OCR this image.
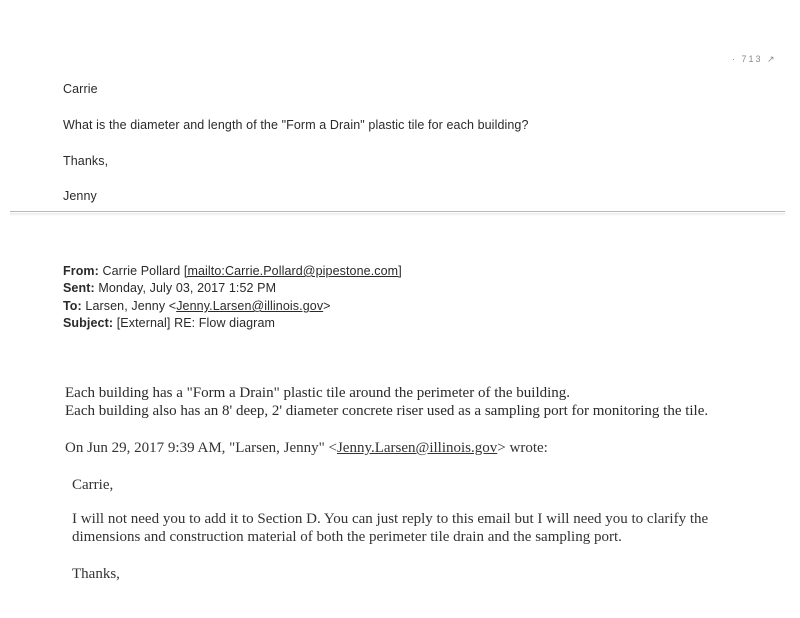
· 713 ↗
Carrie
What is the diameter and length of the "Form a Drain" plastic tile for each building?
Thanks,
Jenny
From: Carrie Pollard [mailto:Carrie.Pollard@pipestone.com]
Sent: Monday, July 03, 2017 1:52 PM
To: Larsen, Jenny <Jenny.Larsen@illinois.gov>
Subject: [External] RE: Flow diagram
Each building has a "Form a Drain" plastic tile around the perimeter of the building.
Each building also has an 8' deep, 2' diameter concrete riser used as a sampling port for monitoring the tile.
On Jun 29, 2017 9:39 AM, "Larsen, Jenny" <Jenny.Larsen@illinois.gov> wrote:
Carrie,
I will not need you to add it to Section D. You can just reply to this email but I will need you to clarify the
dimensions and construction material of both the perimeter tile drain and the sampling port.
Thanks,
